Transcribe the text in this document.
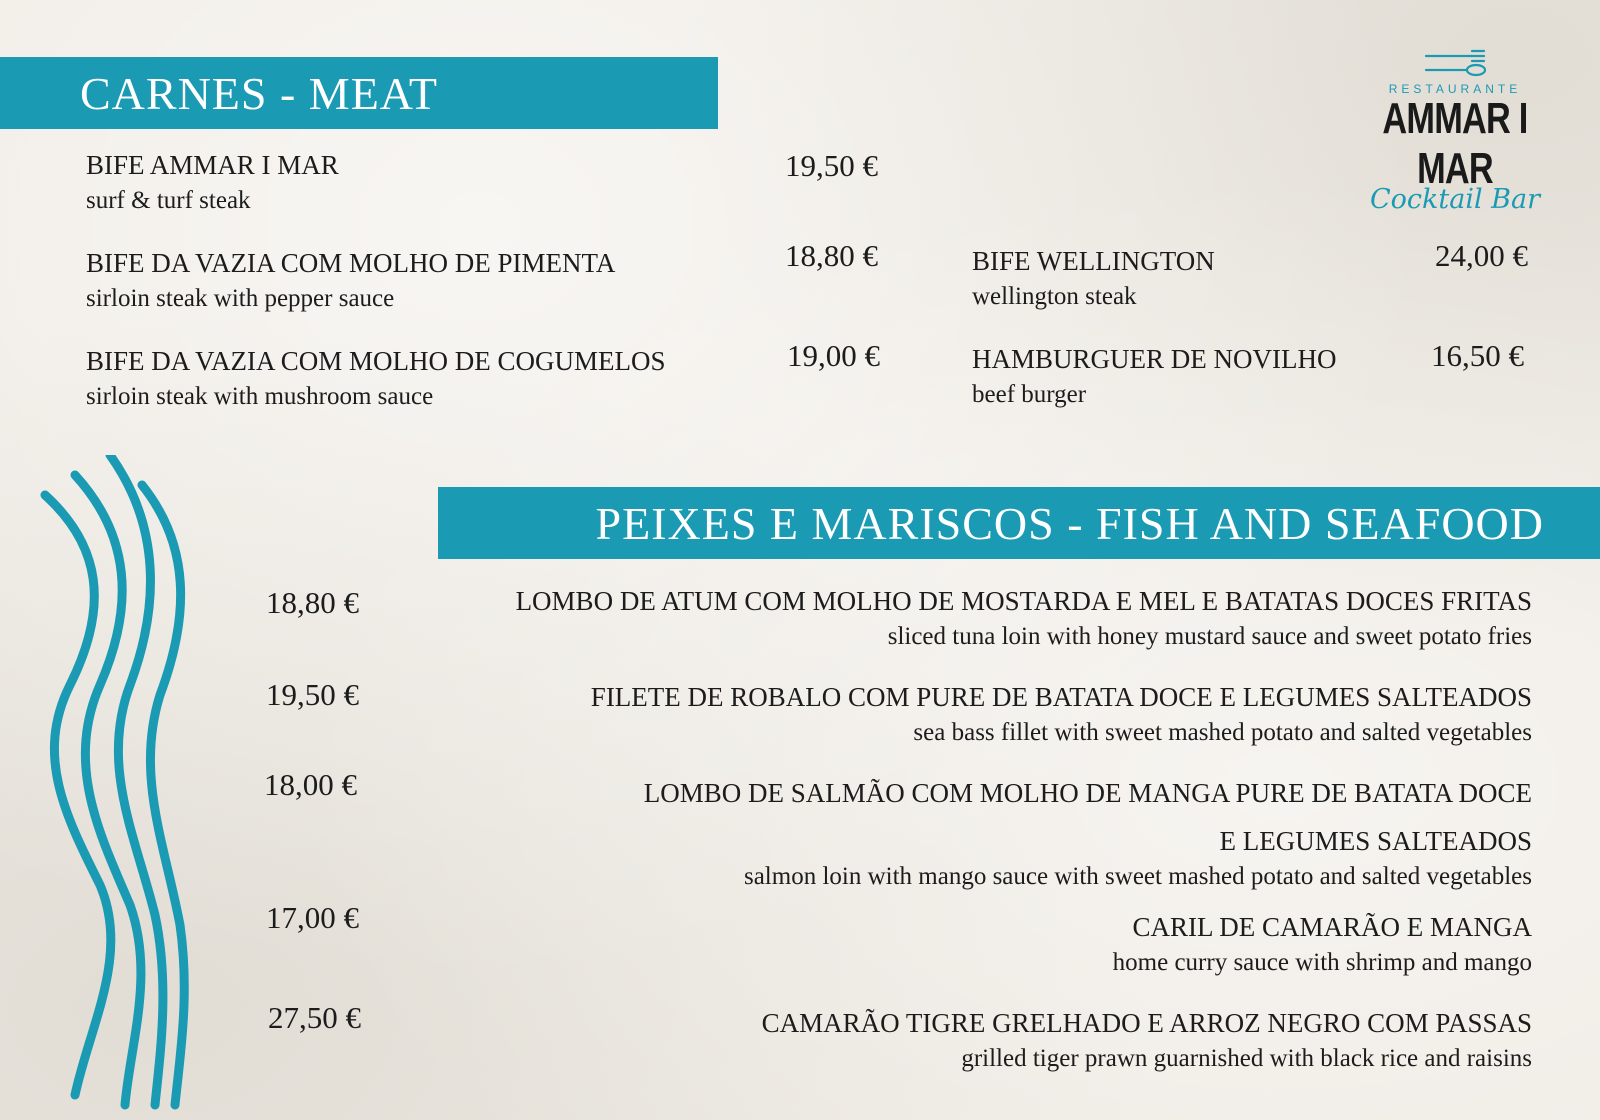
RESTAURANTE
AMMAR I MAR
Cocktail Bar
CARNES - MEAT
BIFE AMMAR I MAR
surf & turf steak
19,50 €
BIFE DA VAZIA COM MOLHO DE PIMENTA
sirloin steak with pepper sauce
18,80 €
BIFE DA VAZIA COM MOLHO DE COGUMELOS
sirloin steak with mushroom sauce
19,00 €
BIFE WELLINGTON
wellington steak
24,00 €
HAMBURGUER DE NOVILHO
beef burger
16,50 €
PEIXES E MARISCOS - FISH AND SEAFOOD
18,80 €	LOMBO DE ATUM COM MOLHO DE MOSTARDA E MEL E BATATAS DOCES FRITAS
sliced tuna loin with honey mustard sauce and sweet potato fries
19,50 €	FILETE DE ROBALO COM PURE DE BATATA DOCE E LEGUMES SALTEADOS
sea bass fillet with sweet mashed potato and salted vegetables
18,00 €	LOMBO DE SALMÃO COM MOLHO DE MANGA PURE DE BATATA DOCE
E LEGUMES SALTEADOS
salmon loin with mango sauce with sweet mashed potato and salted vegetables
17,00 €	CARIL DE CAMARÃO E MANGA
home curry sauce with shrimp and mango
27,50 €	CAMARÃO TIGRE GRELHADO E ARROZ NEGRO COM PASSAS
grilled tiger prawn guarnished with black rice and raisins
